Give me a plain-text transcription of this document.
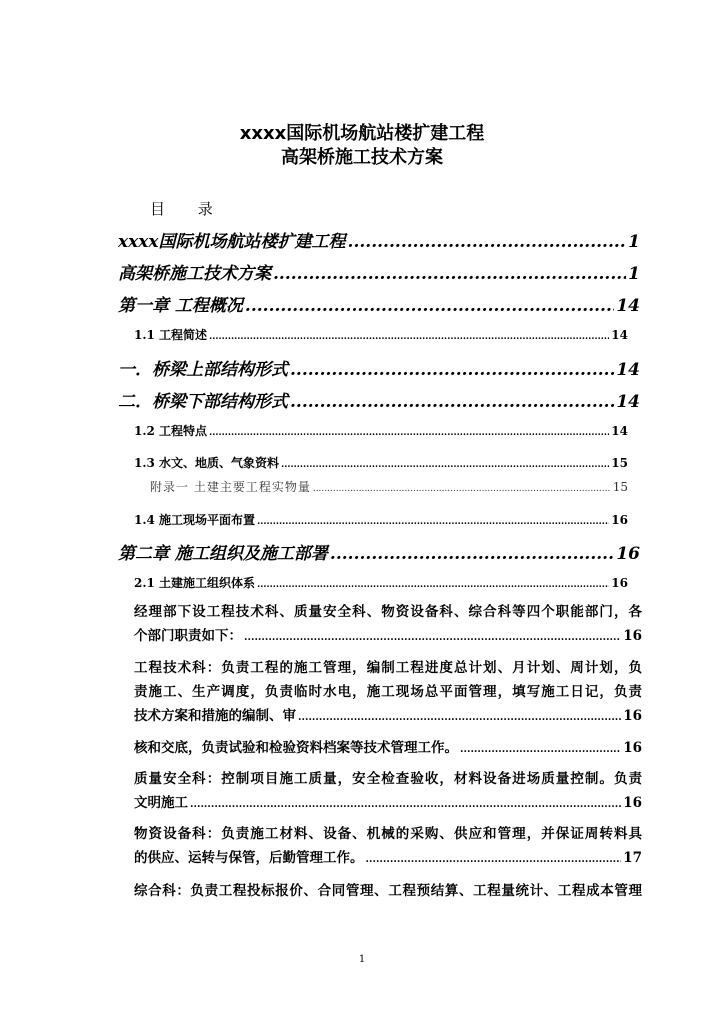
xxxx国际机场航站楼扩建工程
高架桥施工技术方案
目 录
xxxx国际机场航站楼扩建工程 .....	1
高架桥施工技术方案 .....	1
第一章 工程概况 .....	14
1.1 工程简述 .....	14
一．桥梁上部结构形式 .....	14
二．桥梁下部结构形式 .....	14
1.2 工程特点 .....	14
1.3 水文、地质、气象资料 .....	15
附录一 土建主要工程实物量 .....	15
1.4 施工现场平面布置 .....	16
第二章 施工组织及施工部署 .....	16
2.1 土建施工组织体系 .....	16
经理部下设工程技术科、质量安全科、物资设备科、综合科等四个职能部门，各
个部门职责如下： .....	16
工程技术科：负责工程的施工管理，编制工程进度总计划、月计划、周计划，负
责施工、生产调度，负责临时水电，施工现场总平面管理，填写施工日记，负责
技术方案和措施的编制、审 .....	16
核和交底，负责试验和检验资料档案等技术管理工作。 .....	16
质量安全科：控制项目施工质量，安全检查验收，材料设备进场质量控制。负责
文明施工 .....	16
物资设备科：负责施工材料、设备、机械的采购、供应和管理，并保证周转料具
的供应、运转与保管，后勤管理工作。 .....	17
综合科：负责工程投标报价、合同管理、工程预结算、工程量统计、工程成本管理
1
